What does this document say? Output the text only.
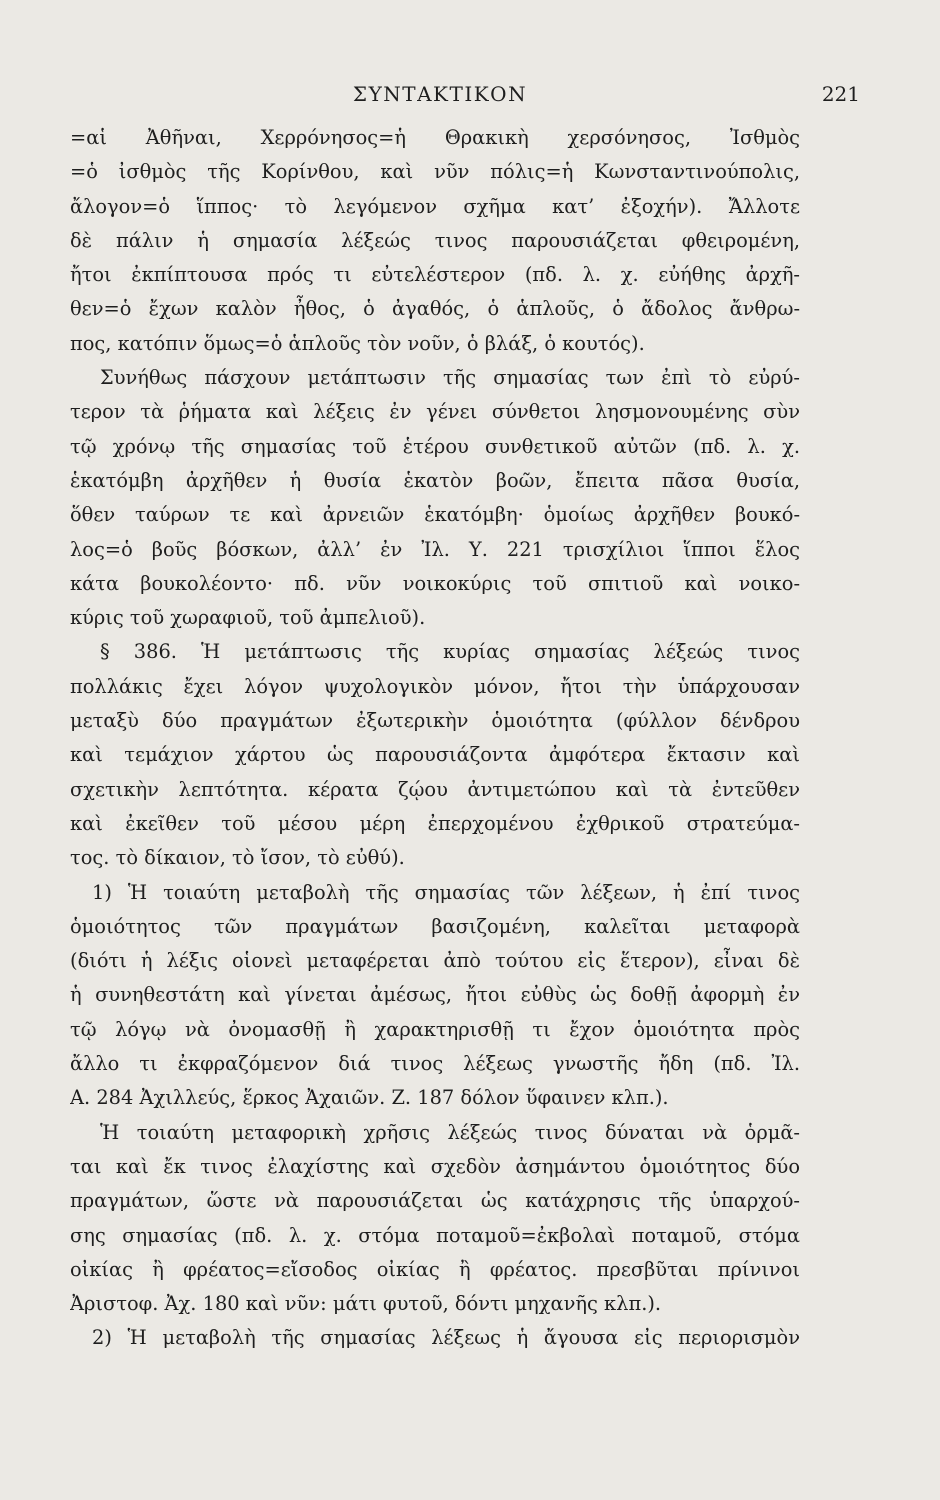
ΣΥΝΤΑΚΤΙΚΟΝ	221
=αἱ Ἀθῆναι, Χερρόνησος=ἡ Θρακικὴ χερσόνησος, Ἰσθμὸς
=ὁ ἰσθμὸς τῆς Κορίνθου, καὶ νῦν πόλις=ἡ Κωνσταντινούπολις,
ἄλογον=ὁ ἵππος· τὸ λεγόμενον σχῆμα κατ’ ἐξοχήν). Ἄλλοτε
δὲ πάλιν ἡ σημασία λέξεώς τινος παρουσιάζεται φθειρομένη,
ἤτοι ἐκπίπτουσα πρός τι εὐτελέστερον (πδ. λ. χ. εὐήθης ἀρχῆ-
θεν=ὁ ἔχων καλὸν ἦθος, ὁ ἀγαθός, ὁ ἁπλοῦς, ὁ ἄδολος ἄνθρω-
πος, κατόπιν ὅμως=ὁ ἁπλοῦς τὸν νοῦν, ὁ βλάξ, ὁ κουτός).
Συνήθως πάσχουν μετάπτωσιν τῆς σημασίας των ἐπὶ τὸ εὐρύ-
τερον τὰ ῥήματα καὶ λέξεις ἐν γένει σύνθετοι λησμονουμένης σὺν
τῷ χρόνῳ τῆς σημασίας τοῦ ἑτέρου συνθετικοῦ αὐτῶν (πδ. λ. χ.
ἑκατόμβη ἀρχῆθεν ἡ θυσία ἑκατὸν βοῶν, ἔπειτα πᾶσα θυσία,
ὅθεν ταύρων τε καὶ ἀρνειῶν ἑκατόμβη· ὁμοίως ἀρχῆθεν βουκό-
λος=ὁ βοῦς βόσκων, ἀλλ’ ἐν Ἰλ. Υ. 221 τρισχίλιοι ἵπποι ἕλος
κάτα βουκολέοντο· πδ. νῦν νοικοκύρις τοῦ σπιτιοῦ καὶ νοικο-
κύρις τοῦ χωραφιοῦ, τοῦ ἀμπελιοῦ).
§ 386. Ἡ μετάπτωσις τῆς κυρίας σημασίας λέξεώς τινος
πολλάκις ἔχει λόγον ψυχολογικὸν μόνον, ἤτοι τὴν ὑπάρχουσαν
μεταξὺ δύο πραγμάτων ἐξωτερικὴν ὁμοιότητα (φύλλον δένδρου
καὶ τεμάχιον χάρτου ὡς παρουσιάζοντα ἀμφότερα ἔκτασιν καὶ
σχετικὴν λεπτότητα. κέρατα ζῴου ἀντιμετώπου καὶ τὰ ἐντεῦθεν
καὶ ἐκεῖθεν τοῦ μέσου μέρη ἐπερχομένου ἐχθρικοῦ στρατεύμα-
τος. τὸ δίκαιον, τὸ ἴσον, τὸ εὐθύ).
1) Ἡ τοιαύτη μεταβολὴ τῆς σημασίας τῶν λέξεων, ἡ ἐπί τινος
ὁμοιότητος τῶν πραγμάτων βασιζομένη, καλεῖται μεταφορὰ
(διότι ἡ λέξις οἱονεὶ μεταφέρεται ἀπὸ τούτου εἰς ἕτερον), εἶναι δὲ
ἡ συνηθεστάτη καὶ γίνεται ἀμέσως, ἤτοι εὐθὺς ὡς δοθῇ ἀφορμὴ ἐν
τῷ λόγῳ νὰ ὀνομασθῇ ἢ χαρακτηρισθῇ τι ἔχον ὁμοιότητα πρὸς
ἄλλο τι ἐκφραζόμενον διά τινος λέξεως γνωστῆς ἤδη (πδ. Ἰλ.
Α. 284 Ἀχιλλεύς, ἕρκος Ἀχαιῶν. Ζ. 187 δόλον ὕφαινεν κλπ.).
Ἡ τοιαύτη μεταφορικὴ χρῆσις λέξεώς τινος δύναται νὰ ὁρμᾶ-
ται καὶ ἔκ τινος ἐλαχίστης καὶ σχεδὸν ἀσημάντου ὁμοιότητος δύο
πραγμάτων, ὥστε νὰ παρουσιάζεται ὡς κατάχρησις τῆς ὑπαρχού-
σης σημασίας (πδ. λ. χ. στόμα ποταμοῦ=ἐκβολαὶ ποταμοῦ, στόμα
οἰκίας ἢ φρέατος=εἴσοδος οἰκίας ἢ φρέατος. πρεσβῦται πρίνινοι
Ἀριστοφ. Ἀχ. 180 καὶ νῦν: μάτι φυτοῦ, δόντι μηχανῆς κλπ.).
2) Ἡ μεταβολὴ τῆς σημασίας λέξεως ἡ ἄγουσα εἰς περιορισμὸν
